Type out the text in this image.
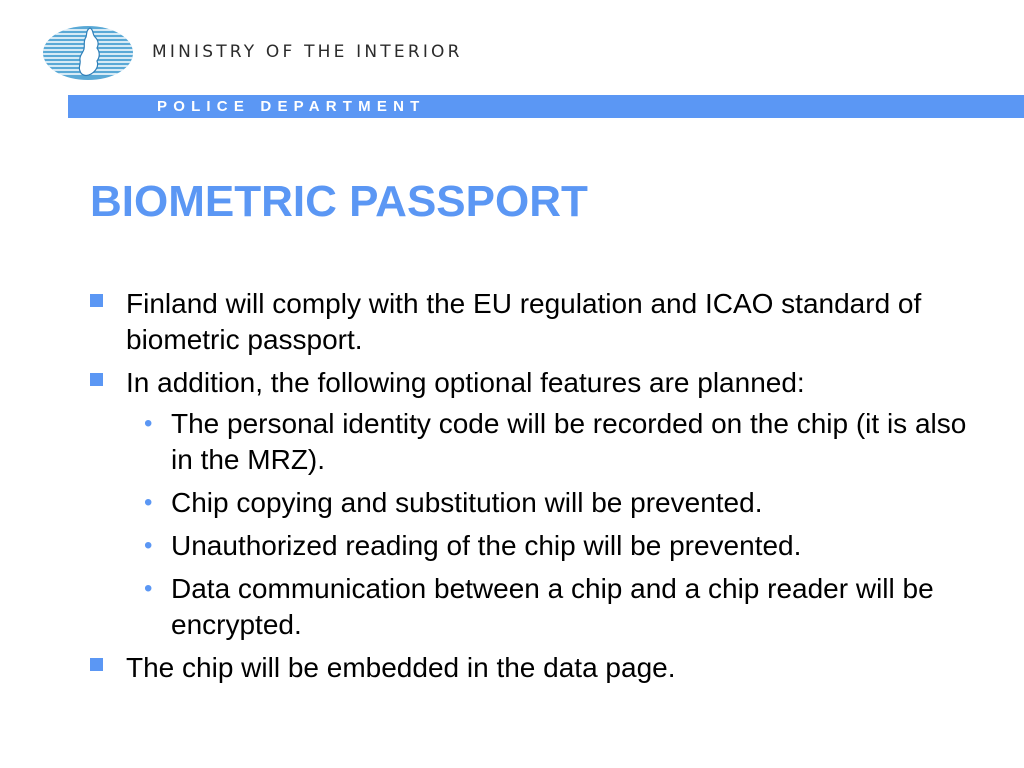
MINISTRY OF THE INTERIOR
POLICE DEPARTMENT
BIOMETRIC PASSPORT
Finland will comply with the EU regulation and ICAO standard of biometric passport.
In addition, the following optional features are planned:
• The personal identity code will be recorded on the chip (it is also in the MRZ).
• Chip copying and substitution will be prevented.
• Unauthorized reading of the chip will be prevented.
• Data communication between a chip and a chip reader will be encrypted.
The chip will be embedded in the data page.
